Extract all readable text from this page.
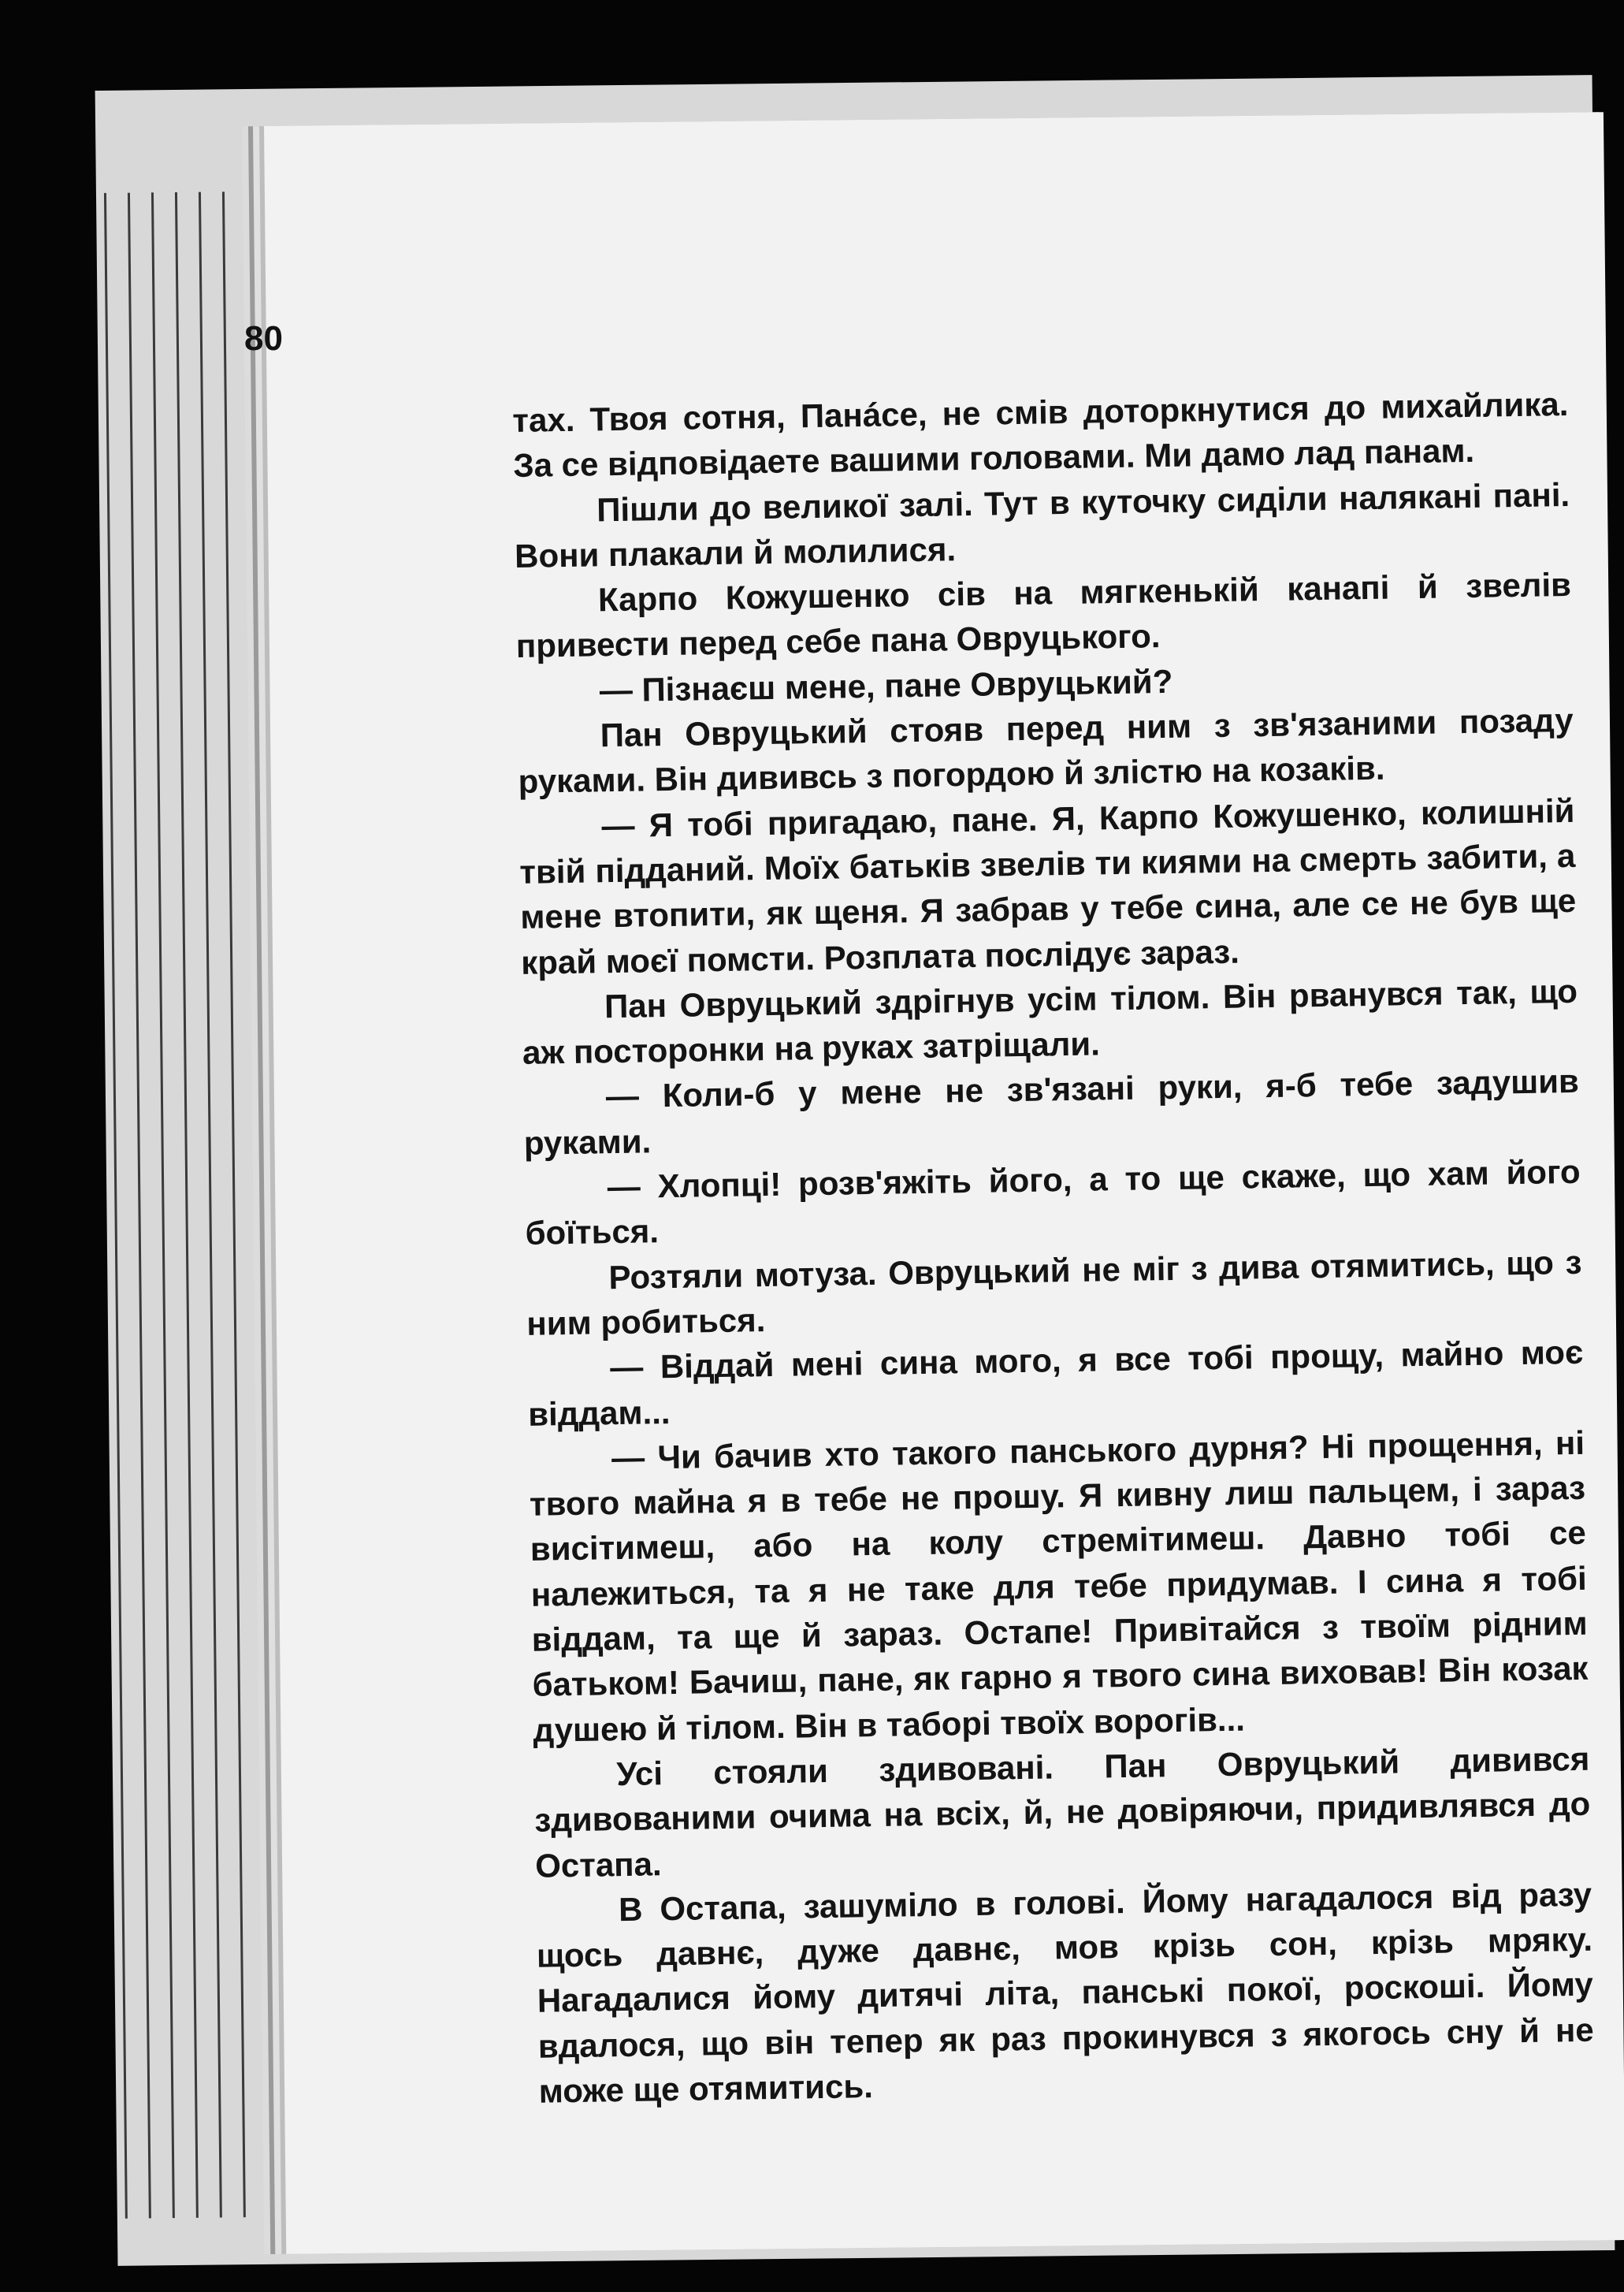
80

тах. Твоя сотня, Панáсе, не смів доторкнутися до михайлика. За се відповідаете вашими головами. Ми дамо лад панам.

Пішли до великої залі. Тут в куточку сиділи налякані пані. Вони плакали й молилися.

Карпо Кожушенко сів на мягкенькій канапі й звелів привести перед себе пана Овруцького.

— Пізнаєш мене, пане Овруцький?

Пан Овруцький стояв перед ним з зв'язаними позаду руками. Він дививсь з погордою й злістю на козаків.

— Я тобі пригадаю, пане. Я, Карпо Кожушенко, колишній твій підданий. Моїх батьків звелів ти киями на смерть забити, а мене втопити, як щеня. Я забрав у тебе сина, але се не був ще край моєї помсти. Розплата послідує зараз.

Пан Овруцький здрігнув усім тілом. Він рванувся так, що аж посторонки на руках затріщали.

— Коли-б у мене не зв'язані руки, я-б тебе задушив руками.

— Хлопці! розв'яжіть його, а то ще скаже, що хам його боїться.

Розтяли мотуза. Овруцький не міг з дива отямитись, що з ним робиться.

— Віддай мені сина мого, я все тобі прощу, майно моє віддам...

— Чи бачив хто такого панського дурня? Ні прощення, ні твого майна я в тебе не прошу. Я кивну лиш пальцем, і зараз висітимеш, або на колу стремітимеш. Давно тобі се належиться, та я не таке для тебе придумав. І сина я тобі віддам, та ще й зараз. Остапе! Привітайся з твоїм рідним батьком! Бачиш, пане, як гарно я твого сина виховав! Він козак душею й тілом. Він в таборі твоїх ворогів...

Усі стояли здивовані. Пан Овруцький дивився здивованими очима на всіх, й, не довіряючи, придивлявся до Остапа.

В Остапа, зашуміло в голові. Йому нагадалося від разу щось давнє, дуже давнє, мов крізь сон, крізь мряку. Нагадалися йому дитячі літа, панські покої, роскоші. Йому вдалося, що він тепер як раз прокинувся з якогось сну й не може ще отямитись.
